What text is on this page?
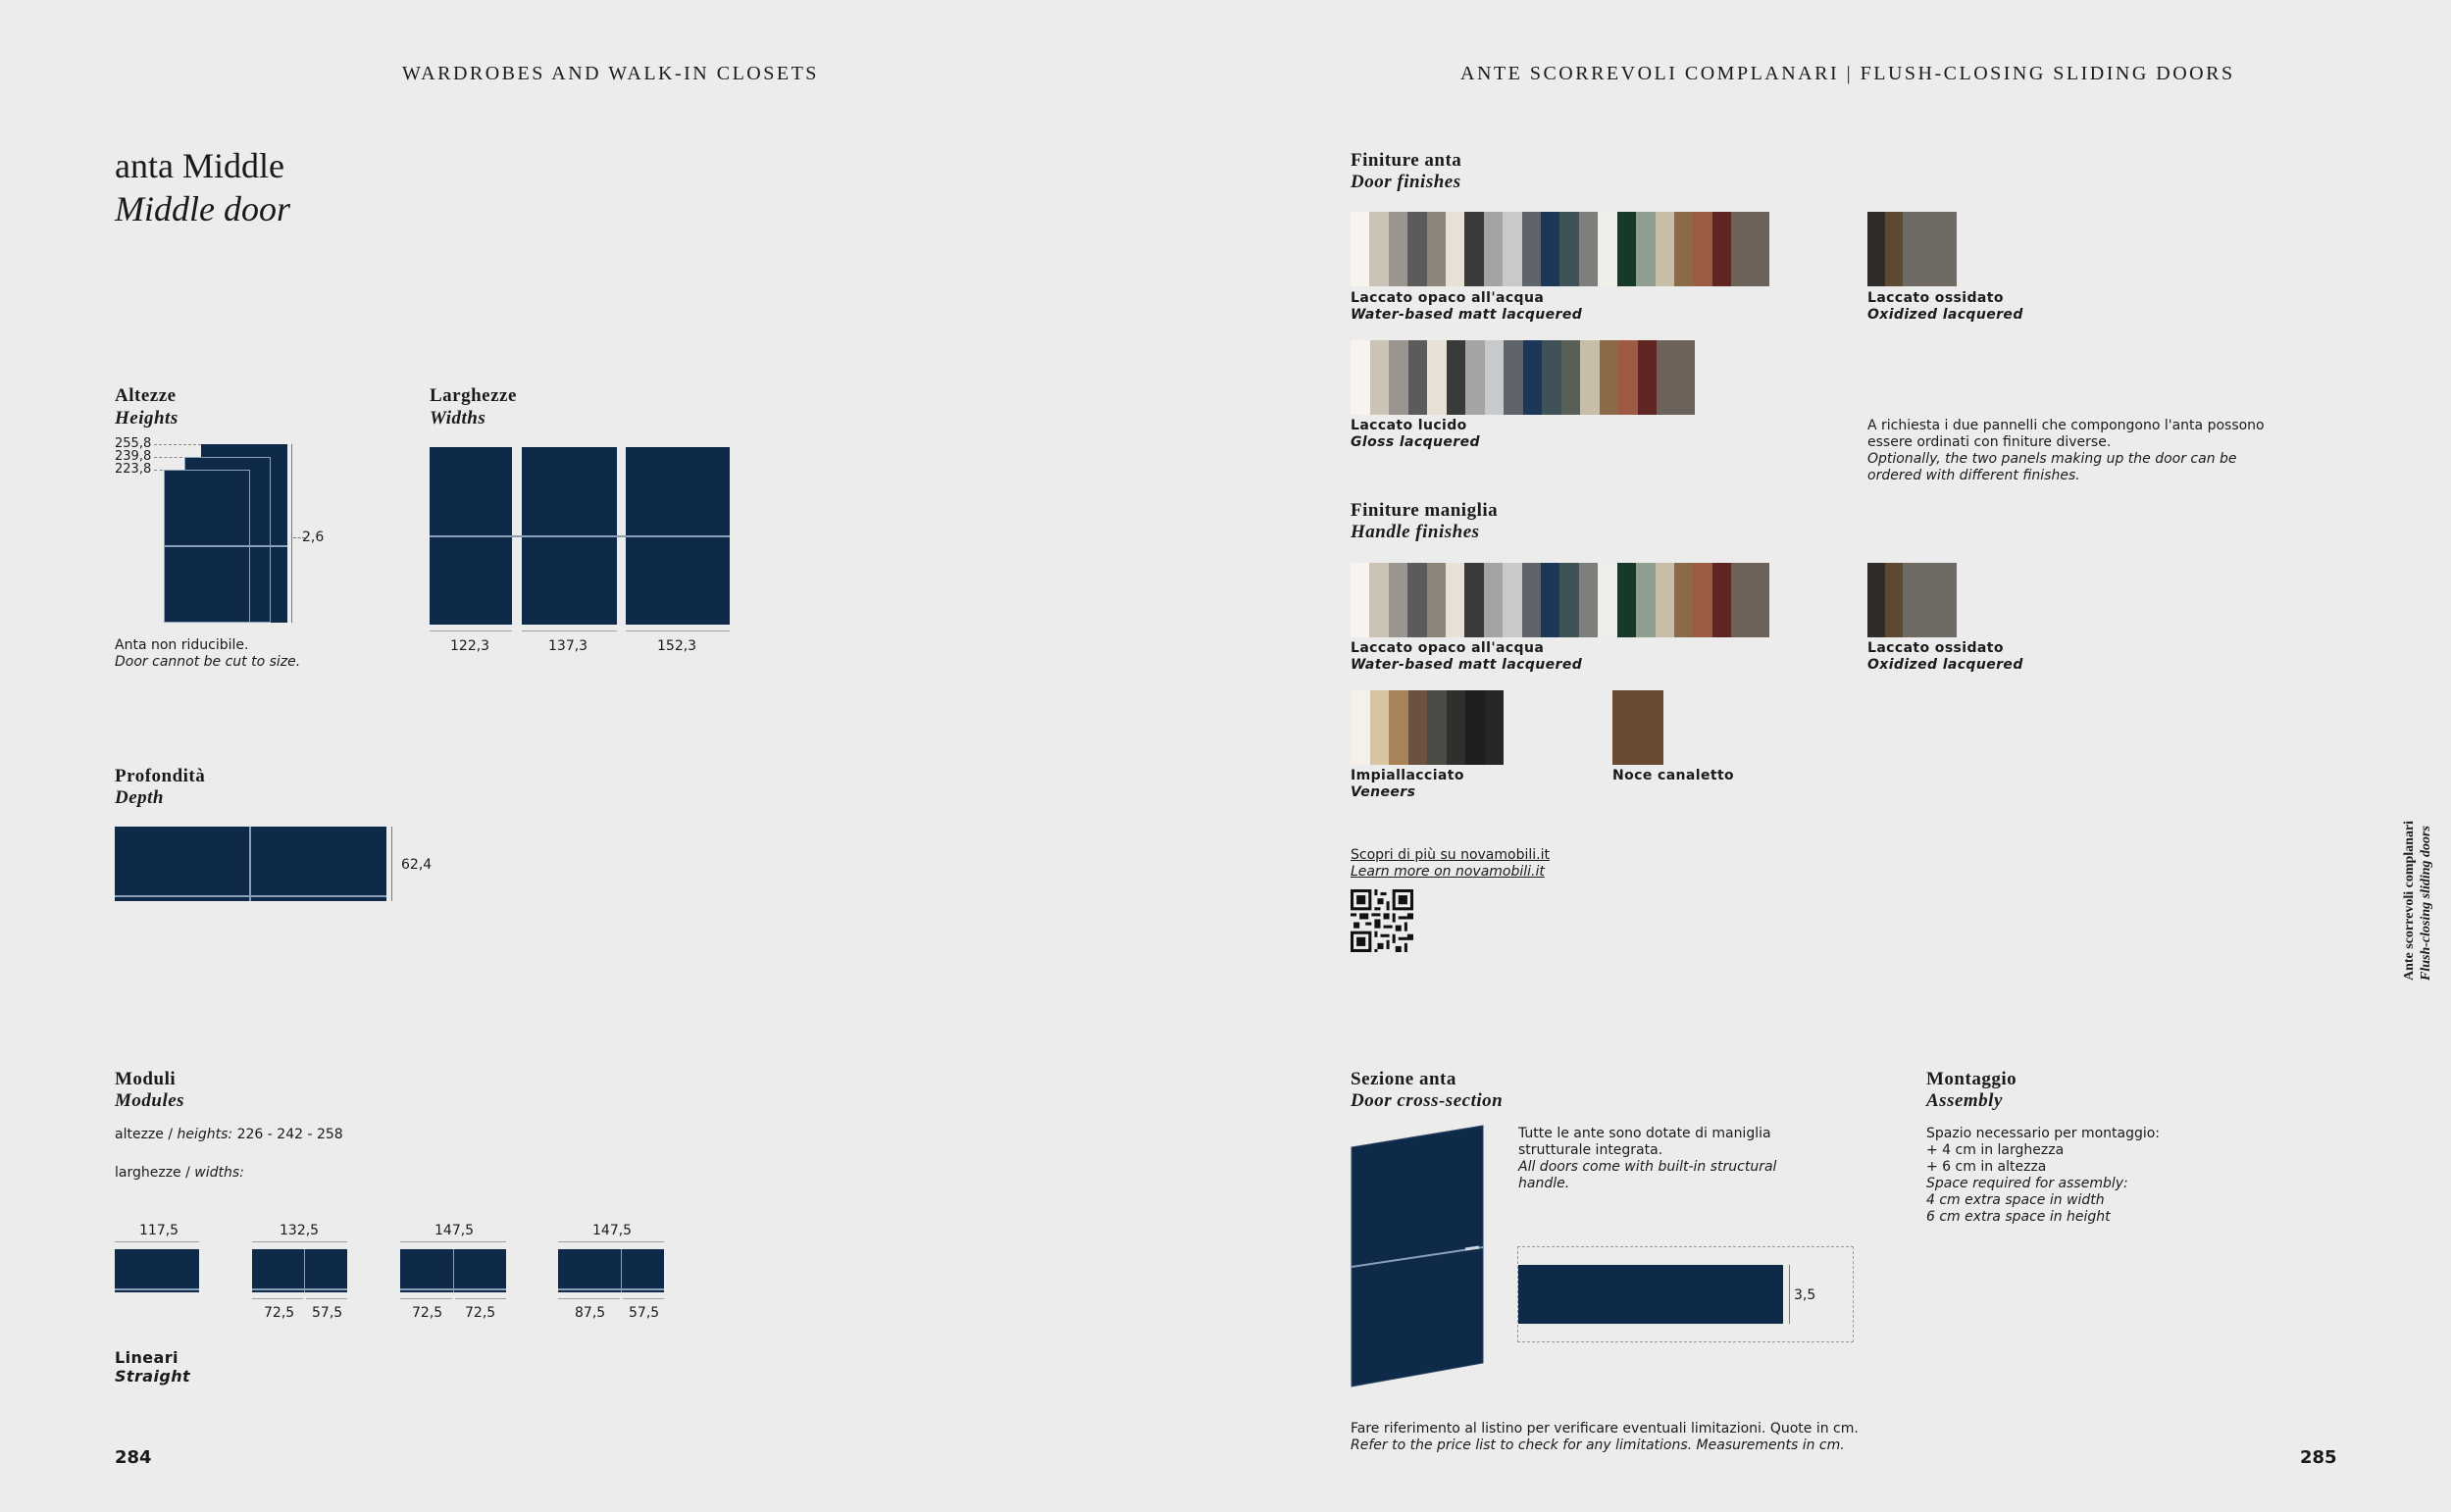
WARDROBES AND WALK-IN CLOSETS
anta Middle
Middle door
Altezze
Heights
255,8
239,8
223,8
2,6
Anta non riducibile.
Door cannot be cut to size.
Larghezze
Widths
122,3	137,3	152,3
Profondità
Depth
62,4
Moduli
Modules
altezze / heights: 226 - 242 - 258
larghezze / widths:
117,5	132,5
72,5 57,5
147,5
72,5 72,5
147,5
87,5 57,5
Lineari
Straight
284
ANTE SCORREVOLI COMPLANARI | FLUSH-CLOSING SLIDING DOORS
Finiture anta
Door finishes
Laccato opaco all'acqua
Water-based matt lacquered
Laccato ossidato
Oxidized lacquered
Laccato lucido
Gloss lacquered
A richiesta i due pannelli che compongono l'anta possono essere ordinati con finiture diverse.
Optionally, the two panels making up the door can be ordered with different finishes.
Finiture maniglia
Handle finishes
Laccato opaco all'acqua
Water-based matt lacquered
Laccato ossidato
Oxidized lacquered
Impiallacciato
Veneers
Noce canaletto
Scopri di più su novamobili.it
Learn more on novamobili.it
Sezione anta
Door cross-section
Tutte le ante sono dotate di maniglia
strutturale integrata.
All doors come with built-in structural
handle.
3,5
Montaggio
Assembly
Spazio necessario per montaggio:
+ 4 cm in larghezza
+ 6 cm in altezza
Space required for assembly:
4 cm extra space in width
6 cm extra space in height
Fare riferimento al listino per verificare eventuali limitazioni. Quote in cm.
Refer to the price list to check for any limitations. Measurements in cm.
285
Ante scorrevoli complanari Flush-closing sliding doors
